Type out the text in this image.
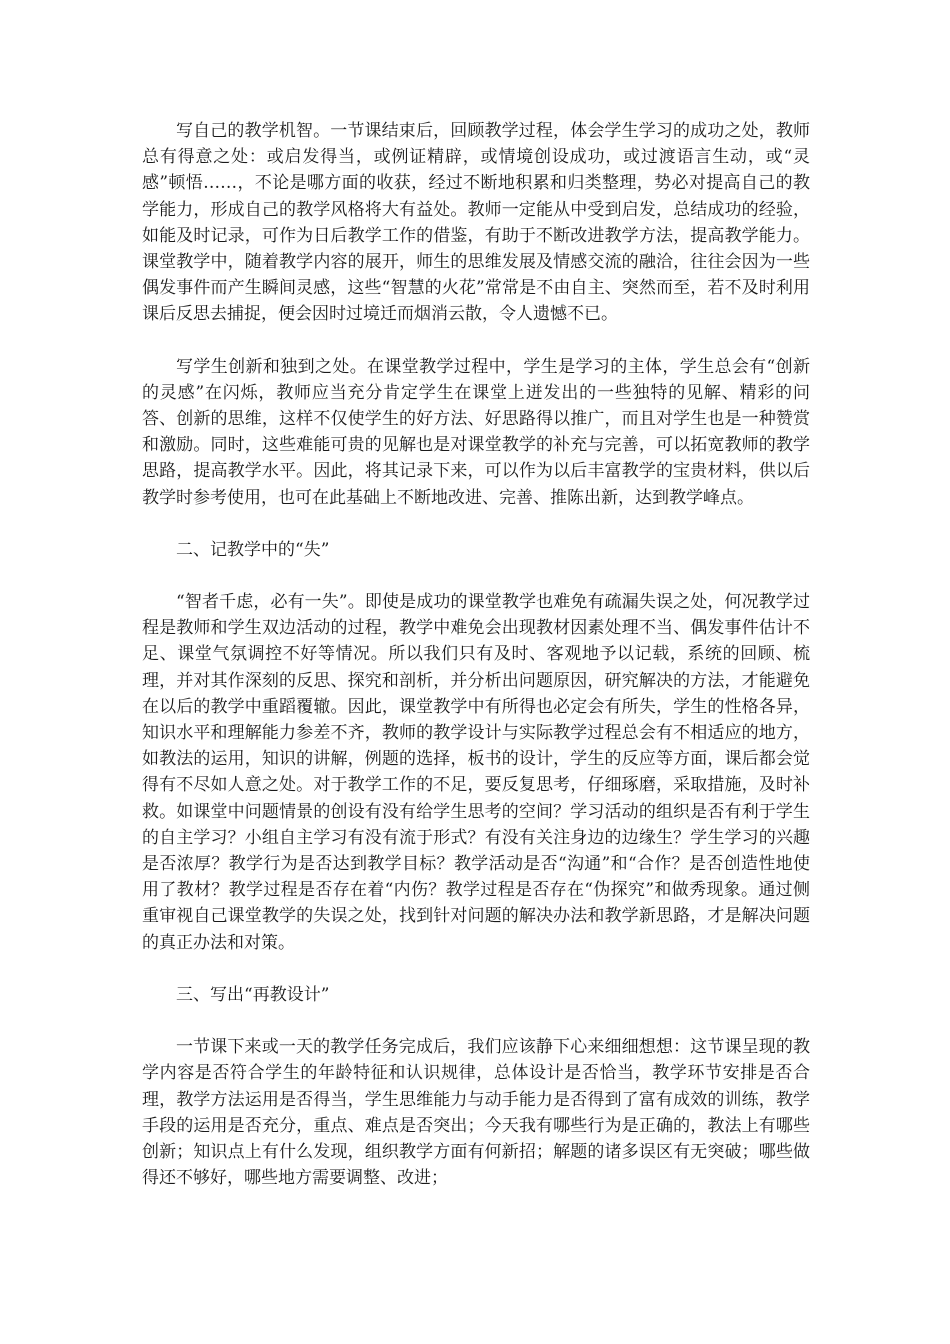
写自己的教学机智。一节课结束后，回顾教学过程，体会学生学习的成功之处，教师总有得意之处：或启发得当，或例证精辟，或情境创设成功，或过渡语言生动，或“灵感”顿悟……，不论是哪方面的收获，经过不断地积累和归类整理，势必对提高自己的教学能力，形成自己的教学风格将大有益处。教师一定能从中受到启发，总结成功的经验，如能及时记录，可作为日后教学工作的借鉴，有助于不断改进教学方法，提高教学能力。课堂教学中，随着教学内容的展开，师生的思维发展及情感交流的融洽，往往会因为一些偶发事件而产生瞬间灵感，这些“智慧的火花”常常是不由自主、突然而至，若不及时利用课后反思去捕捉，便会因时过境迁而烟消云散，令人遗憾不已。

写学生创新和独到之处。在课堂教学过程中，学生是学习的主体，学生总会有“创新的灵感”在闪烁，教师应当充分肯定学生在课堂上迸发出的一些独特的见解、精彩的问答、创新的思维，这样不仅使学生的好方法、好思路得以推广，而且对学生也是一种赞赏和激励。同时，这些难能可贵的见解也是对课堂教学的补充与完善，可以拓宽教师的教学思路，提高教学水平。因此，将其记录下来，可以作为以后丰富教学的宝贵材料，供以后教学时参考使用，也可在此基础上不断地改进、完善、推陈出新，达到教学峰点。

二、记教学中的“失”

“智者千虑，必有一失”。即使是成功的课堂教学也难免有疏漏失误之处，何况教学过程是教师和学生双边活动的过程，教学中难免会出现教材因素处理不当、偶发事件估计不足、课堂气氛调控不好等情况。所以我们只有及时、客观地予以记载，系统的回顾、梳理，并对其作深刻的反思、探究和剖析，并分析出问题原因，研究解决的方法，才能避免在以后的教学中重蹈覆辙。因此，课堂教学中有所得也必定会有所失，学生的性格各异，知识水平和理解能力参差不齐，教师的教学设计与实际教学过程总会有不相适应的地方，如教法的运用，知识的讲解，例题的选择，板书的设计，学生的反应等方面，课后都会觉得有不尽如人意之处。对于教学工作的不足，要反复思考，仔细琢磨，采取措施，及时补救。如课堂中问题情景的创设有没有给学生思考的空间？学习活动的组织是否有利于学生的自主学习？小组自主学习有没有流于形式？有没有关注身边的边缘生？学生学习的兴趣是否浓厚？教学行为是否达到教学目标？教学活动是否“沟通”和“合作？是否创造性地使用了教材？教学过程是否存在着“内伤？教学过程是否存在“伪探究”和做秀现象。通过侧重审视自己课堂教学的失误之处，找到针对问题的解决办法和教学新思路，才是解决问题的真正办法和对策。

三、写出“再教设计”

一节课下来或一天的教学任务完成后，我们应该静下心来细细想想：这节课呈现的教学内容是否符合学生的年龄特征和认识规律，总体设计是否恰当，教学环节安排是否合理，教学方法运用是否得当，学生思维能力与动手能力是否得到了富有成效的训练，教学手段的运用是否充分，重点、难点是否突出；今天我有哪些行为是正确的，教法上有哪些创新；知识点上有什么发现，组织教学方面有何新招；解题的诸多误区有无突破；哪些做得还不够好，哪些地方需要调整、改进；
